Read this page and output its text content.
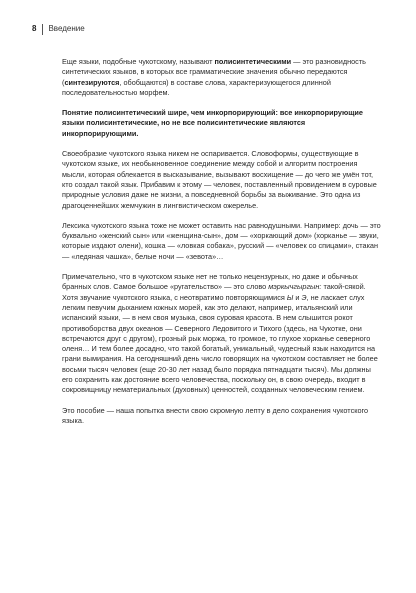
8 Введение

Еще языки, подобные чукотскому, называют полисинтетическими — это разновидность синтетических языков, в которых все грамматические значения обычно передаются (синтезируются, обобщаются) в составе слова, характеризующегося длинной последовательностью морфем.

Понятие полисинтетический шире, чем инкорпорирующий: все инкорпорирующие языки полисинтетические, но не все полисинтетические являются инкорпорирующими.

Своеобразие чукотского языка никем не оспаривается. Словоформы, существующие в чукотском языке, их необыкновенное соединение между собой и алгоритм построения мысли, которая облекается в высказывание, вызывают восхищение — до чего же умён тот, кто создал такой язык. Прибавим к этому — человек, поставленный провидением в суровые природные условия даже не жизни, а повседневной борьбы за выживание. Это одна из драгоценнейших жемчужин в лингвистическом ожерелье.

Лексика чукотского языка тоже не может оставить нас равнодушными. Например: дочь — это буквально «женский сын» или «женщина-сын», дом — «хоркающий дом» (хорканье — звуки, которые издают олени), кошка — «ловкая собака», русский — «человек со спицами», стакан — «ледяная чашка», белые ночи — «зевота»…

Примечательно, что в чукотском языке нет не только нецензурных, но даже и обычных бранных слов. Самое большое «ругательство» — это слово мэркычгыргын: такой-сякой. Хотя звучание чукотского языка, с неотвратимо повторяющимися Ы и Э, не ласкает слух легким певучим дыханием южных морей, как это делают, например, итальянский или испанский языки, — в нем своя музыка, своя суровая красота. В нем слышится рокот противоборства двух океанов — Северного Ледовитого и Тихого (здесь, на Чукотке, они встречаются друг с другом), грозный рык моржа, то громкое, то глухое хорканье северного оленя… И тем более досадно, что такой богатый, уникальный, чудесный язык находится на грани вымирания. На сегодняшний день число говорящих на чукотском составляет не более восьми тысяч человек (еще 20-30 лет назад было порядка пятнадцати тысяч). Мы должны его сохранить как достояние всего человечества, поскольку он, в свою очередь, входит в сокровищницу нематериальных (духовных) ценностей, созданных человеческим гением.

Это пособие — наша попытка внести свою скромную лепту в дело сохранения чукотского языка.
